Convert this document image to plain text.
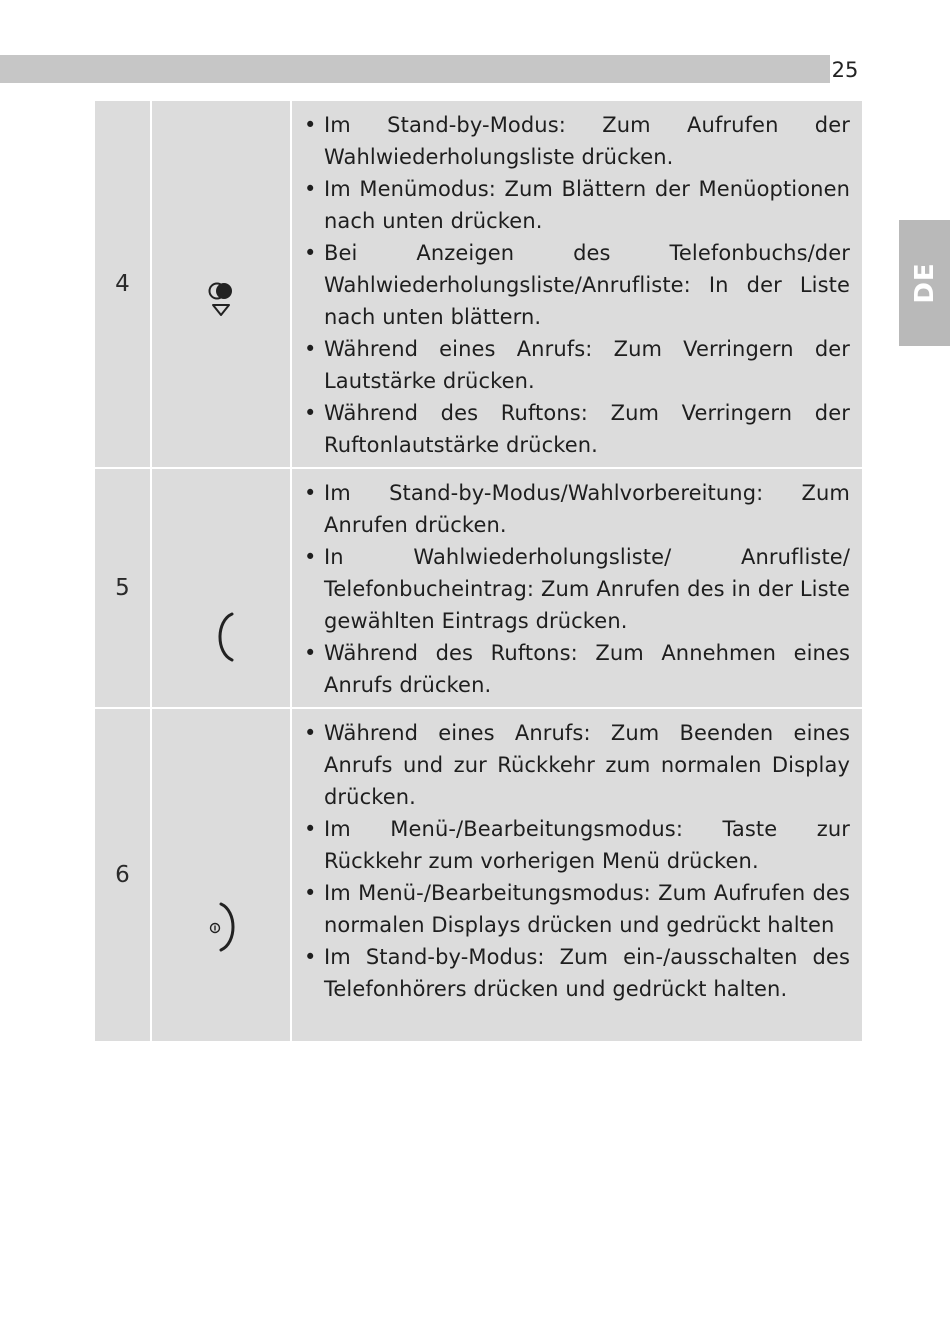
25
DE
4
• Im Stand-by-Modus: Zum Aufrufen der Wahlwiederholungsliste drücken.
• Im Menümodus: Zum Blättern der Menüoptionen nach unten drücken.
• Bei Anzeigen des Telefonbuchs/der Wahlwiederholungsliste/Anrufliste: In der Liste nach unten blättern.
• Während eines Anrufs: Zum Verringern der Lautstärke drücken.
• Während des Ruftons: Zum Verringern der Ruftonlautstärke drücken.
5
• Im Stand-by-Modus/Wahlvorbereitung: Zum Anrufen drücken.
• In Wahlwiederholungsliste/ Anrufliste/ Telefonbucheintrag: Zum Anrufen des in der Liste gewählten Eintrags drücken.
• Während des Ruftons: Zum Annehmen eines Anrufs drücken.
6
• Während eines Anrufs: Zum Beenden eines Anrufs und zur Rückkehr zum normalen Display drücken.
• Im Menü-/Bearbeitungsmodus: Taste zur Rückkehr zum vorherigen Menü drücken.
• Im Menü-/Bearbeitungsmodus: Zum Aufrufen des normalen Displays drücken und gedrückt halten
• Im Stand-by-Modus: Zum ein-/ausschalten des Telefonhörers drücken und gedrückt halten.
